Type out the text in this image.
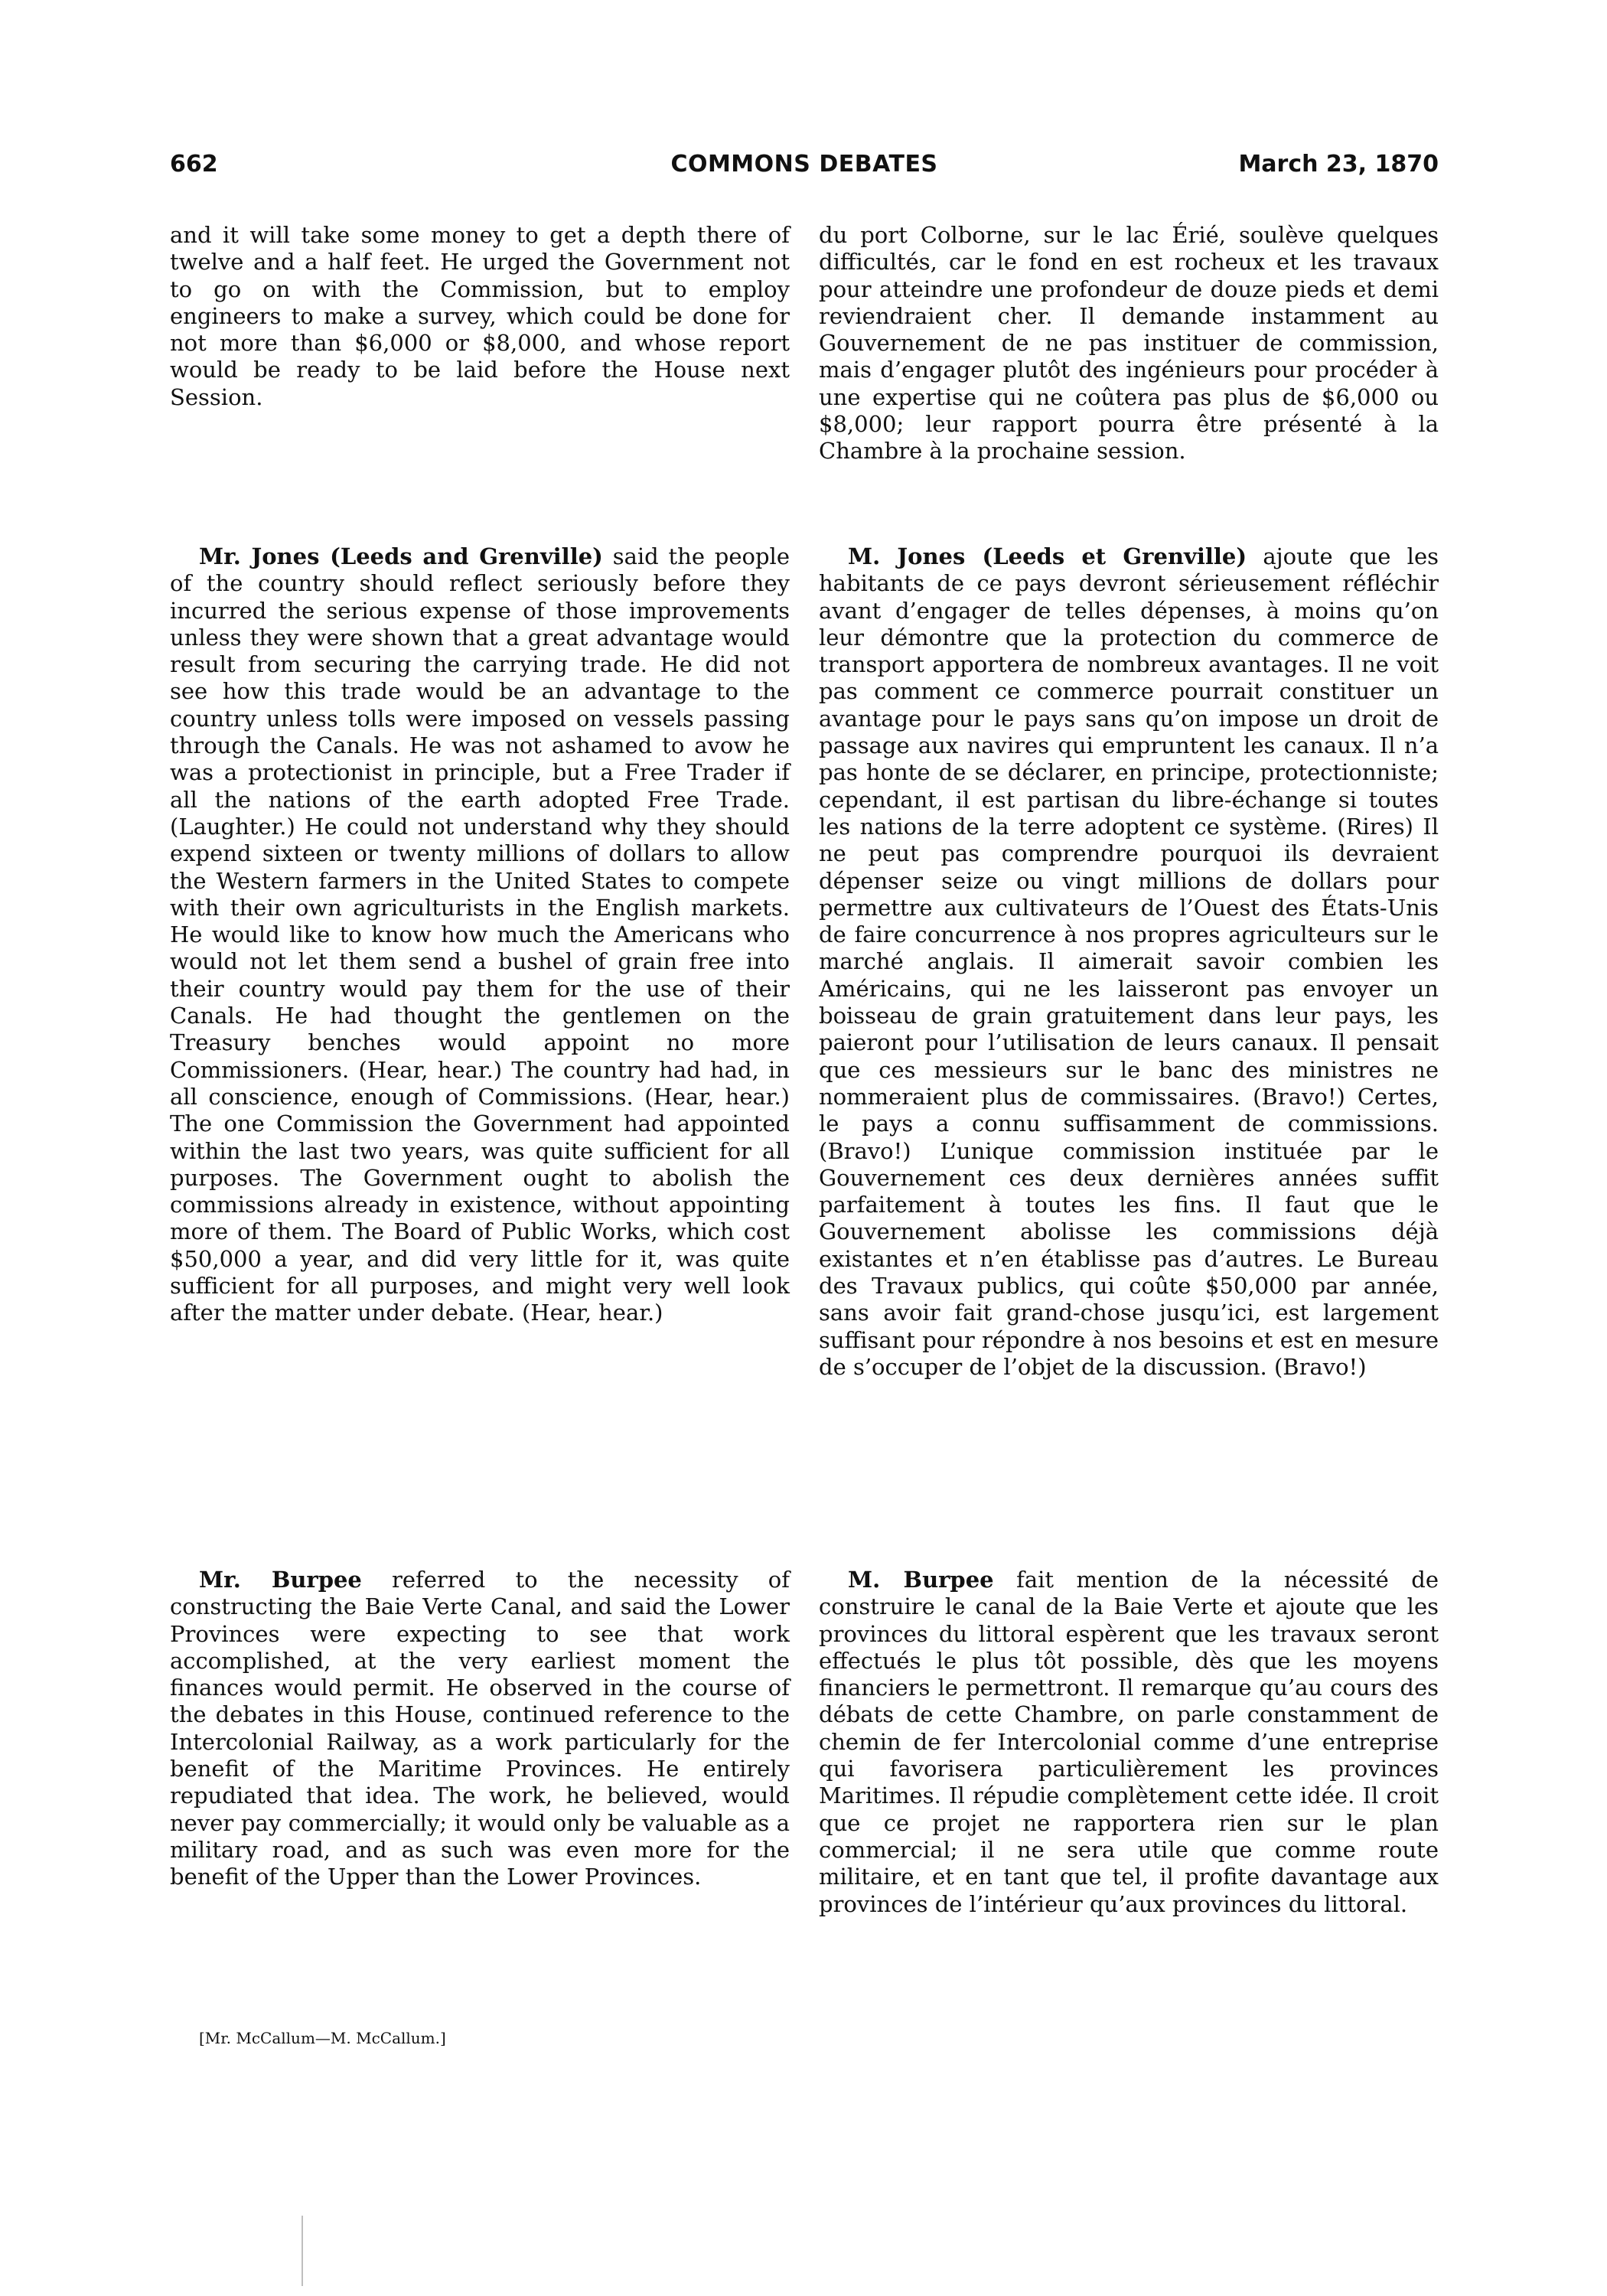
662	COMMONS DEBATES	March 23, 1870

and it will take some money to get a depth there of twelve and a half feet. He urged the Government not to go on with the Commission, but to employ engineers to make a survey, which could be done for not more than $6,000 or $8,000, and whose report would be ready to be laid before the House next Session.

Mr. Jones (Leeds and Grenville) said the people of the country should reflect seriously before they incurred the serious expense of those improvements unless they were shown that a great advantage would result from securing the carrying trade. He did not see how this trade would be an advantage to the country unless tolls were imposed on vessels passing through the Canals. He was not ashamed to avow he was a protectionist in principle, but a Free Trader if all the nations of the earth adopted Free Trade. (Laughter.) He could not understand why they should expend sixteen or twenty millions of dollars to allow the Western farmers in the United States to compete with their own agriculturists in the English markets. He would like to know how much the Americans who would not let them send a bushel of grain free into their country would pay them for the use of their Canals. He had thought the gentlemen on the Treasury benches would appoint no more Commissioners. (Hear, hear.) The country had had, in all conscience, enough of Commissions. (Hear, hear.) The one Commission the Government had appointed within the last two years, was quite sufficient for all purposes. The Government ought to abolish the commissions already in existence, without appointing more of them. The Board of Public Works, which cost $50,000 a year, and did very little for it, was quite sufficient for all purposes, and might very well look after the matter under debate. (Hear, hear.)

Mr. Burpee referred to the necessity of constructing the Baie Verte Canal, and said the Lower Provinces were expecting to see that work accomplished, at the very earliest moment the finances would permit. He observed in the course of the debates in this House, continued reference to the Intercolonial Railway, as a work particularly for the benefit of the Maritime Provinces. He entirely repudiated that idea. The work, he believed, would never pay commercially; it would only be valuable as a military road, and as such was even more for the benefit of the Upper than the Lower Provinces.

du port Colborne, sur le lac Érié, soulève quelques difficultés, car le fond en est rocheux et les travaux pour atteindre une profondeur de douze pieds et demi reviendraient cher. Il demande instamment au Gouvernement de ne pas instituer de commission, mais d’engager plutôt des ingénieurs pour procéder à une expertise qui ne coûtera pas plus de $6,000 ou $8,000; leur rapport pourra être présenté à la Chambre à la prochaine session.

M. Jones (Leeds et Grenville) ajoute que les habitants de ce pays devront sérieusement réfléchir avant d’engager de telles dépenses, à moins qu’on leur démontre que la protection du commerce de transport apportera de nombreux avantages. Il ne voit pas comment ce commerce pourrait constituer un avantage pour le pays sans qu’on impose un droit de passage aux navires qui empruntent les canaux. Il n’a pas honte de se déclarer, en principe, protectionniste; cependant, il est partisan du libre-échange si toutes les nations de la terre adoptent ce système. (Rires) Il ne peut pas comprendre pourquoi ils devraient dépenser seize ou vingt millions de dollars pour permettre aux cultivateurs de l’Ouest des États-Unis de faire concurrence à nos propres agriculteurs sur le marché anglais. Il aimerait savoir combien les Américains, qui ne les laisseront pas envoyer un boisseau de grain gratuitement dans leur pays, les paieront pour l’utilisation de leurs canaux. Il pensait que ces messieurs sur le banc des ministres ne nommeraient plus de commissaires. (Bravo!) Certes, le pays a connu suffisamment de commissions. (Bravo!) L’unique commission instituée par le Gouvernement ces deux dernières années suffit parfaitement à toutes les fins. Il faut que le Gouvernement abolisse les commissions déjà existantes et n’en établisse pas d’autres. Le Bureau des Travaux publics, qui coûte $50,000 par année, sans avoir fait grand-chose jusqu’ici, est largement suffisant pour répondre à nos besoins et est en mesure de s’occuper de l’objet de la discussion. (Bravo!)

M. Burpee fait mention de la nécessité de construire le canal de la Baie Verte et ajoute que les provinces du littoral espèrent que les travaux seront effectués le plus tôt possible, dès que les moyens financiers le permettront. Il remarque qu’au cours des débats de cette Chambre, on parle constamment de chemin de fer Intercolonial comme d’une entreprise qui favorisera particulièrement les provinces Maritimes. Il répudie complètement cette idée. Il croit que ce projet ne rapportera rien sur le plan commercial; il ne sera utile que comme route militaire, et en tant que tel, il profite davantage aux provinces de l’intérieur qu’aux provinces du littoral.

[Mr. McCallum—M. McCallum.]
